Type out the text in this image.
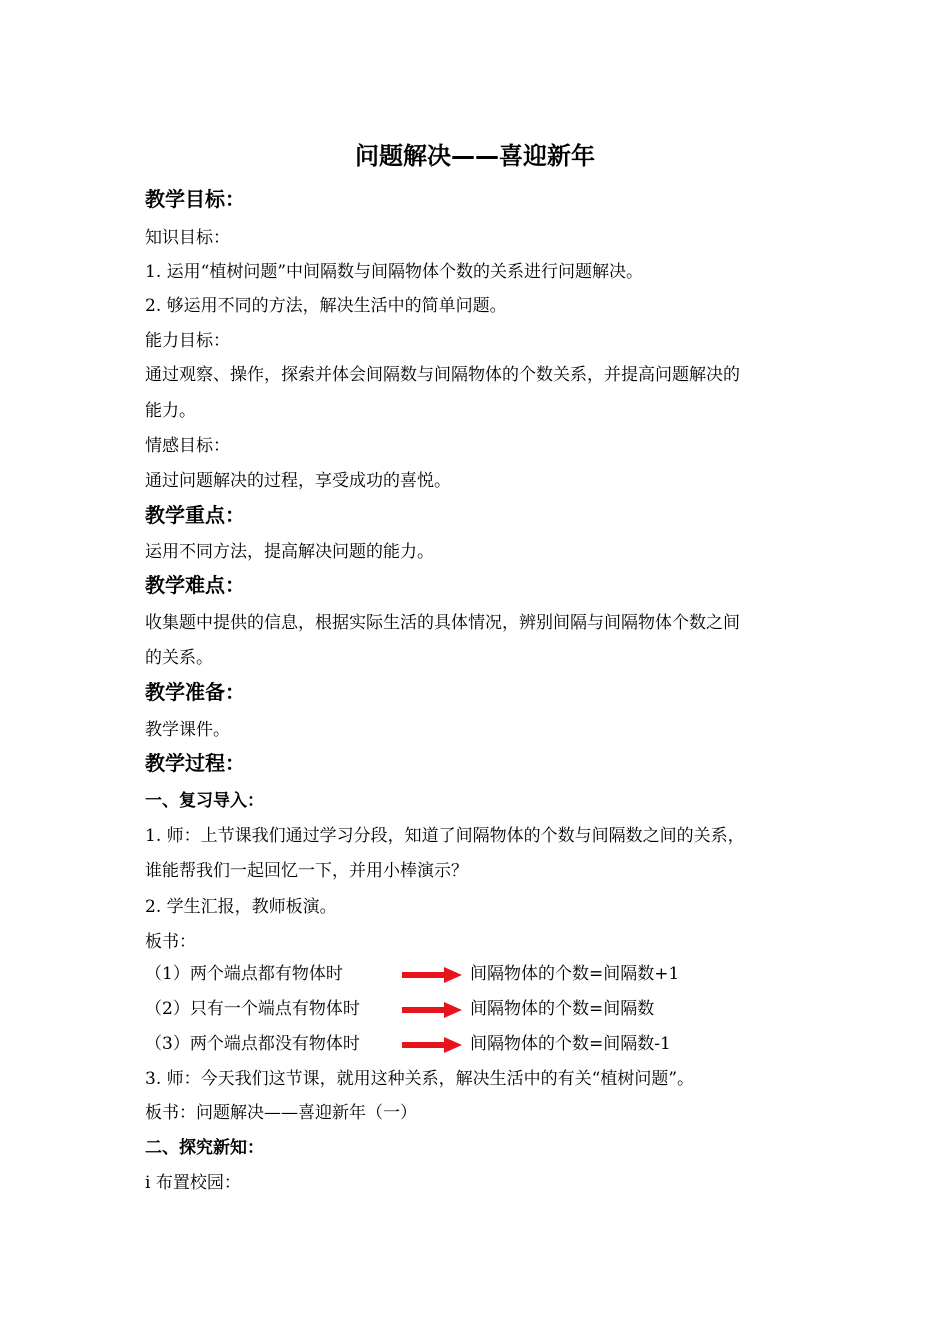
问题解决——喜迎新年
教学目标：
知识目标：
1. 运用“植树问题”中间隔数与间隔物体个数的关系进行问题解决。
2. 够运用不同的方法，解决生活中的简单问题。
能力目标：
通过观察、操作，探索并体会间隔数与间隔物体的个数关系，并提高问题解决的
能力。
情感目标：
通过问题解决的过程，享受成功的喜悦。
教学重点：
运用不同方法，提高解决问题的能力。
教学难点：
收集题中提供的信息，根据实际生活的具体情况，辨别间隔与间隔物体个数之间
的关系。
教学准备：
教学课件。
教学过程：
一、复习导入：
1. 师：上节课我们通过学习分段，知道了间隔物体的个数与间隔数之间的关系，
谁能帮我们一起回忆一下，并用小棒演示？
2. 学生汇报，教师板演。
板书：
（1）两个端点都有物体时	间隔物体的个数=间隔数+1
（2）只有一个端点有物体时	间隔物体的个数=间隔数
（3）两个端点都没有物体时	间隔物体的个数=间隔数-1
3. 师：今天我们这节课，就用这种关系，解决生活中的有关“植树问题”。
板书：问题解决——喜迎新年（一）
二、探究新知：
i 布置校园：
